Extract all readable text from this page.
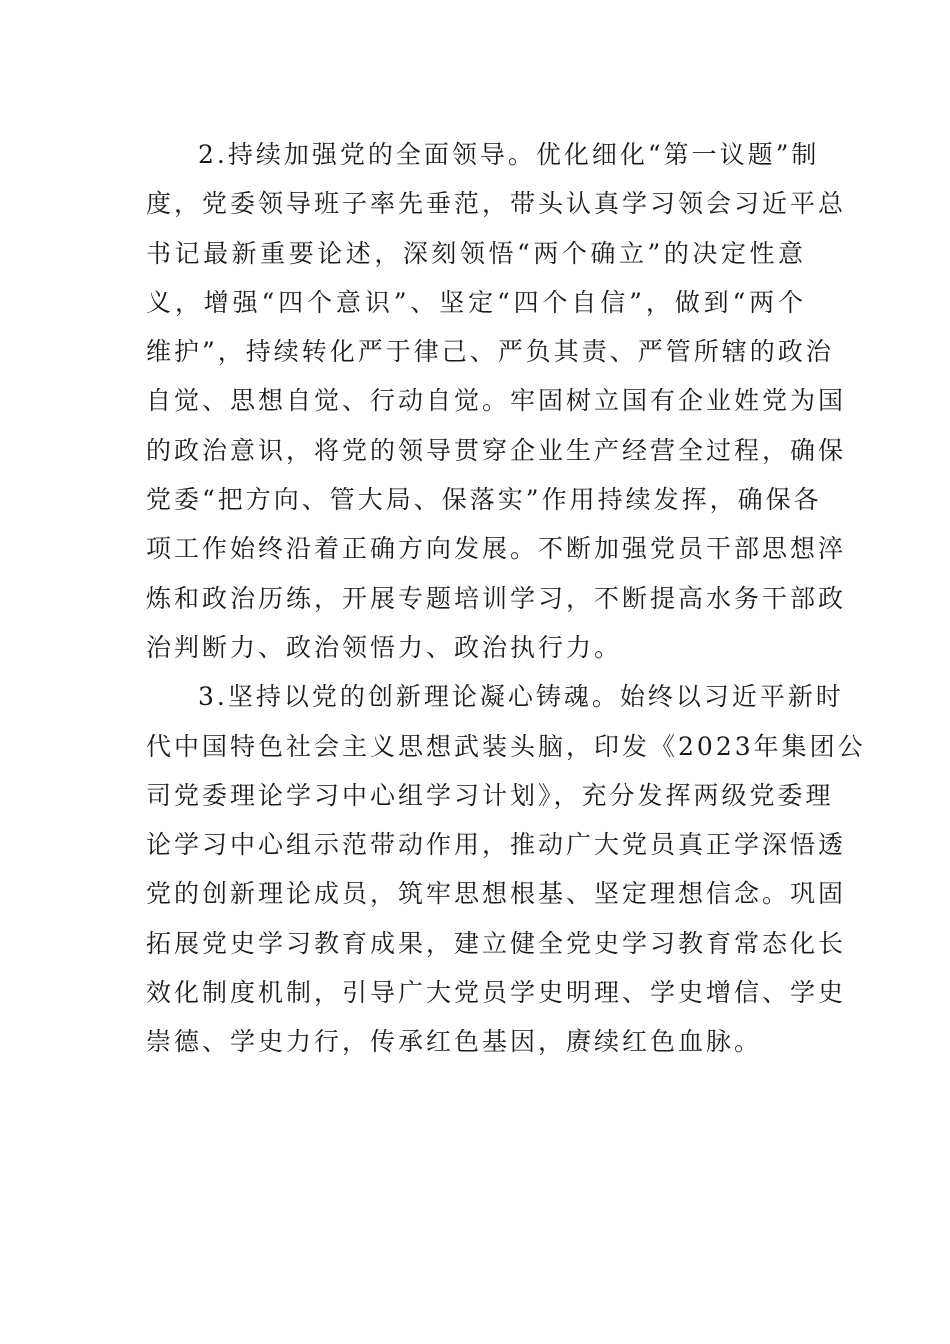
2.持续加强党的全面领导。优化细化“第一议题”制
度，党委领导班子率先垂范，带头认真学习领会习近平总
书记最新重要论述，深刻领悟“两个确立”的决定性意
义，增强“四个意识”、坚定“四个自信”，做到“两个
维护”，持续转化严于律己、严负其责、严管所辖的政治
自觉、思想自觉、行动自觉。牢固树立国有企业姓党为国
的政治意识，将党的领导贯穿企业生产经营全过程，确保
党委“把方向、管大局、保落实”作用持续发挥，确保各
项工作始终沿着正确方向发展。不断加强党员干部思想淬
炼和政治历练，开展专题培训学习，不断提高水务干部政
治判断力、政治领悟力、政治执行力。
3.坚持以党的创新理论凝心铸魂。始终以习近平新时
代中国特色社会主义思想武装头脑，印发《2023年集团公
司党委理论学习中心组学习计划》，充分发挥两级党委理
论学习中心组示范带动作用，推动广大党员真正学深悟透
党的创新理论成员，筑牢思想根基、坚定理想信念。巩固
拓展党史学习教育成果，建立健全党史学习教育常态化长
效化制度机制，引导广大党员学史明理、学史增信、学史
崇德、学史力行，传承红色基因，赓续红色血脉。
